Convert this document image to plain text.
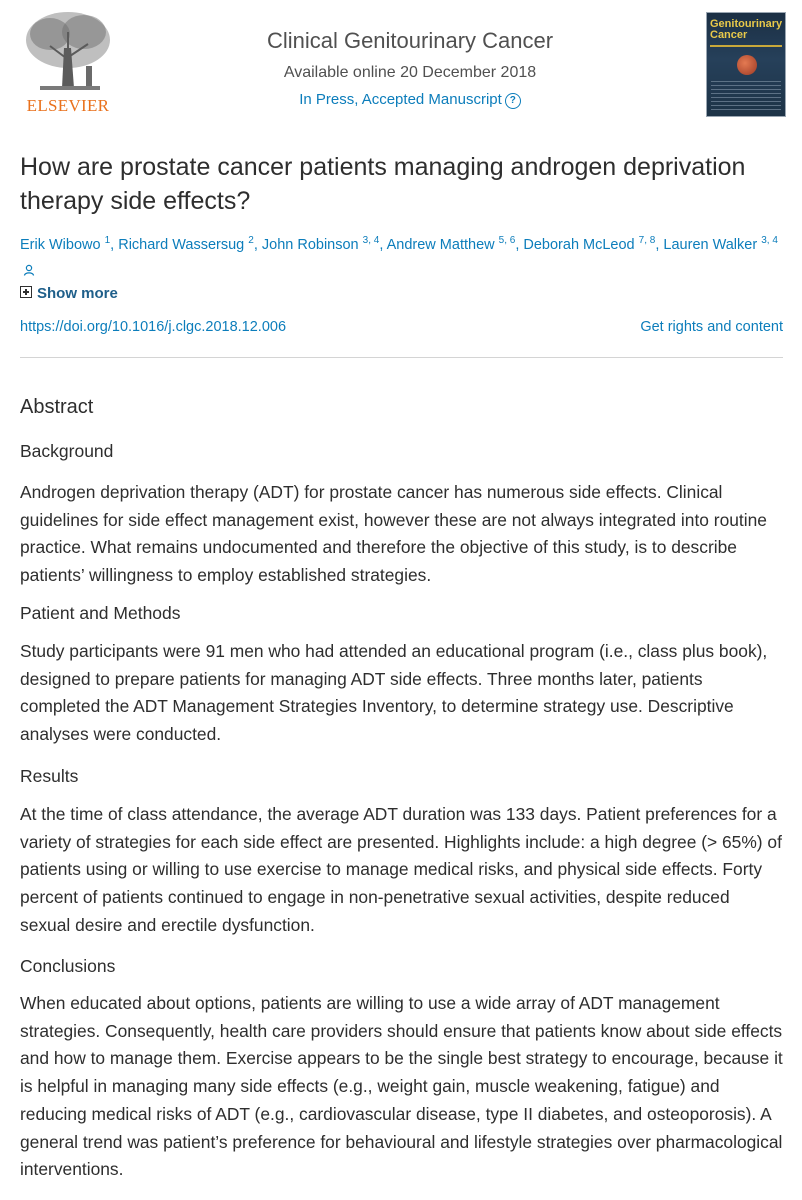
ELSEVIER
Clinical Genitourinary Cancer
Available online 20 December 2018
In Press, Accepted Manuscript ?
Genitourinary Cancer
How are prostate cancer patients managing androgen deprivation therapy side effects?
Erik Wibowo $^1$, Richard Wassersug $^2$, John Robinson $^{3, 4}$, Andrew Matthew $^{5, 6}$, Deborah McLeod $^{7, 8}$, Lauren Walker $^{3, 4}$
Show more
https://doi.org/10.1016/j.clgc.2018.12.006	Get rights and content
Abstract
Background

Androgen deprivation therapy (ADT) for prostate cancer has numerous side effects. Clinical guidelines for side effect management exist, however these are not always integrated into routine practice. What remains undocumented and therefore the objective of this study, is to describe patients’ willingness to employ established strategies.

Patient and Methods

Study participants were 91 men who had attended an educational program (i.e., class plus book), designed to prepare patients for managing ADT side effects. Three months later, patients completed the ADT Management Strategies Inventory, to determine strategy use. Descriptive analyses were conducted.

Results

At the time of class attendance, the average ADT duration was 133 days. Patient preferences for a variety of strategies for each side effect are presented. Highlights include: a high degree (> 65%) of patients using or willing to use exercise to manage medical risks, and physical side effects. Forty percent of patients continued to engage in non-penetrative sexual activities, despite reduced sexual desire and erectile dysfunction.

Conclusions

When educated about options, patients are willing to use a wide array of ADT management strategies. Consequently, health care providers should ensure that patients know about side effects and how to manage them. Exercise appears to be the single best strategy to encourage, because it is helpful in managing many side effects (e.g., weight gain, muscle weakening, fatigue) and reducing medical risks of ADT (e.g., cardiovascular disease, type II diabetes, and osteoporosis). A general trend was patient’s preference for behavioural and lifestyle strategies over pharmacological interventions.
